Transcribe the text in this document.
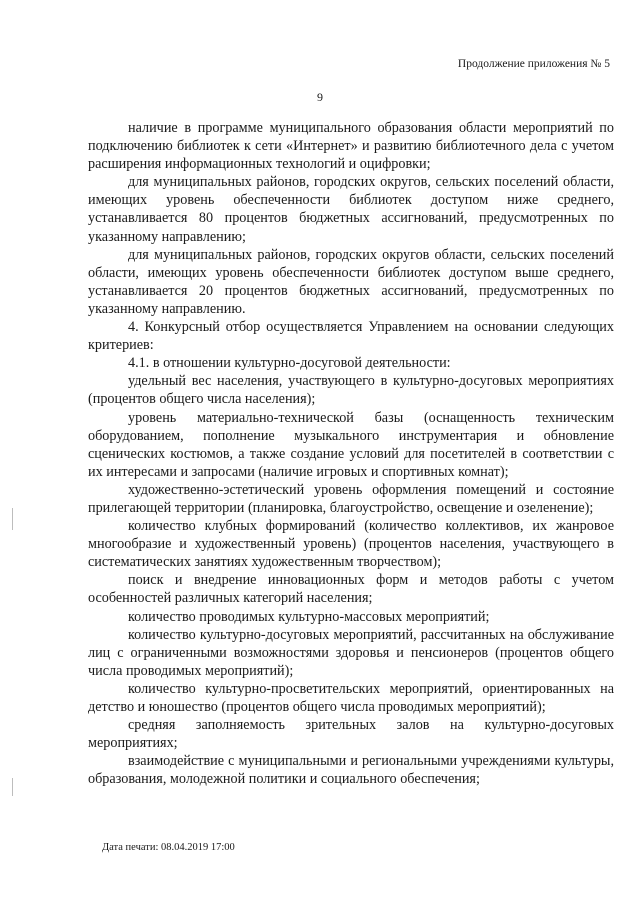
Продолжение приложения № 5
9

наличие в программе муниципального образования области мероприятий по подключению библиотек к сети «Интернет» и развитию библиотечного дела с учетом расширения информационных технологий и оцифровки;

для муниципальных районов, городских округов, сельских поселений области, имеющих уровень обеспеченности библиотек доступом ниже среднего, устанавливается 80 процентов бюджетных ассигнований, предусмотренных по указанному направлению;

для муниципальных районов, городских округов области, сельских поселений области, имеющих уровень обеспеченности библиотек доступом выше среднего, устанавливается 20 процентов бюджетных ассигнований, предусмотренных по указанному направлению.

4. Конкурсный отбор осуществляется Управлением на основании следующих критериев:

4.1. в отношении культурно-досуговой деятельности:

удельный вес населения, участвующего в культурно-досуговых мероприятиях (процентов общего числа населения);

уровень материально-технической базы (оснащенность техническим оборудованием, пополнение музыкального инструментария и обновление сценических костюмов, а также создание условий для посетителей в соответствии с их интересами и запросами (наличие игровых и спортивных комнат);

художественно-эстетический уровень оформления помещений и состояние прилегающей территории (планировка, благоустройство, освещение и озеленение);

количество клубных формирований (количество коллективов, их жанровое многообразие и художественный уровень) (процентов населения, участвующего в систематических занятиях художественным творчеством);

поиск и внедрение инновационных форм и методов работы с учетом особенностей различных категорий населения;

количество проводимых культурно-массовых мероприятий;

количество культурно-досуговых мероприятий, рассчитанных на обслуживание лиц с ограниченными возможностями здоровья и пенсионеров (процентов общего числа проводимых мероприятий);

количество культурно-просветительских мероприятий, ориентированных на детство и юношество (процентов общего числа проводимых мероприятий);

средняя заполняемость зрительных залов на культурно-досуговых мероприятиях;

взаимодействие с муниципальными и региональными учреждениями культуры, образования, молодежной политики и социального обеспечения;

Дата печати: 08.04.2019 17:00
